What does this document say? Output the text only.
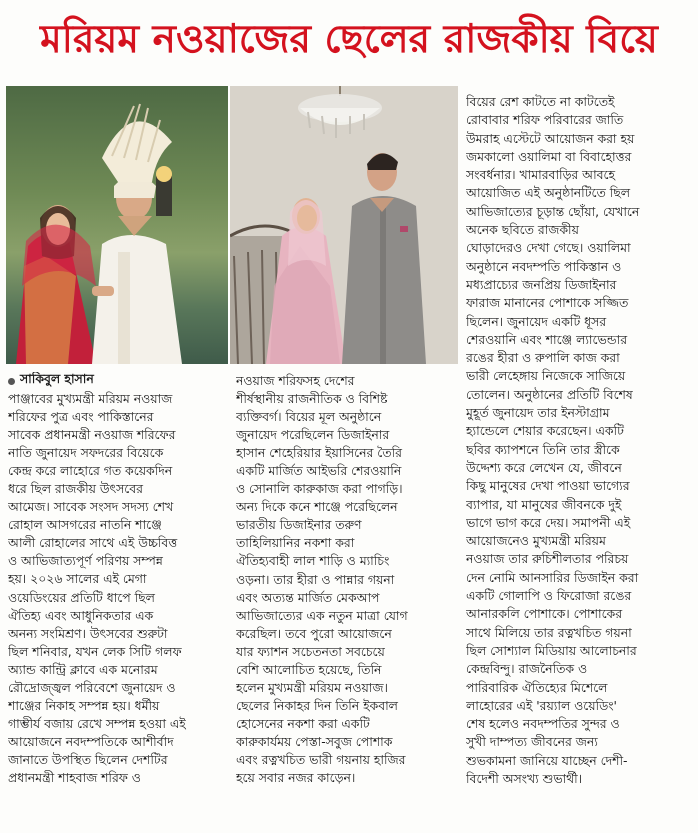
মরিয়ম নওয়াজের ছেলের রাজকীয় বিয়ে
সাকিবুল হাসান

পাঞ্জাবের মুখ্যমন্ত্রী মরিয়ম নওয়াজ

শরিফের পুত্র এবং পাকিস্তানের

সাবেক প্রধানমন্ত্রী নওয়াজ শরিফের

নাতি জুনায়েদ সফদরের বিয়েকে

কেন্দ্র করে লাহোরে গত কয়েকদিন

ধরে ছিল রাজকীয় উৎসবের

আমেজ। সাবেক সংসদ সদস্য শেখ

রোহাল আসগরের নাতনি শাঞ্জে

আলী রোহালের সাথে এই উচ্চবিত্ত

ও আভিজাত্যপূর্ণ পরিণয় সম্পন্ন

হয়। ২০২৬ সালের এই মেগা

ওয়েডিংয়ের প্রতিটি ধাপে ছিল

ঐতিহ্য এবং আধুনিকতার এক

অনন্য সংমিশ্রণ। উৎসবের শুরুটা

ছিল শনিবার, যখন লেক সিটি গলফ

অ্যান্ড কান্ট্রি ক্লাবে এক মনোরম

রৌদ্রোজ্জ্বল পরিবেশে জুনায়েদ ও

শাঞ্জের নিকাহ সম্পন্ন হয়। ধর্মীয়

গাম্ভীর্য বজায় রেখে সম্পন্ন হওয়া এই

আয়োজনে নবদম্পতিকে আশীর্বাদ

জানাতে উপস্থিত ছিলেন দেশটির

প্রধানমন্ত্রী শাহবাজ শরিফ ও

নওয়াজ শরিফসহ দেশের

শীর্ষস্থানীয় রাজনীতিক ও বিশিষ্ট

ব্যক্তিবর্গ। বিয়ের মূল অনুষ্ঠানে

জুনায়েদ পরেছিলেন ডিজাইনার

হাসান শেহেরিয়ার ইয়াসিনের তৈরি

একটি মার্জিত আইভরি শেরওয়ানি

ও সোনালি কারুকাজ করা পাগড়ি।

অন্য দিকে কনে শাঞ্জে পরেছিলেন

ভারতীয় ডিজাইনার তরুণ

তাহিলিয়ানির নকশা করা

ঐতিহ্যবাহী লাল শাড়ি ও ম্যাচিং

ওড়না। তার হীরা ও পান্নার গয়না

এবং অত্যন্ত মার্জিত মেকআপ

আভিজাত্যের এক নতুন মাত্রা যোগ

করেছিল। তবে পুরো আয়োজনে

যার ফ্যাশন সচেতনতা সবচেয়ে

বেশি আলোচিত হয়েছে, তিনি

হলেন মুখ্যমন্ত্রী মরিয়ম নওয়াজ।

ছেলের নিকাহর দিন তিনি ইকবাল

হোসেনের নকশা করা একটি

কারুকার্যময় পেস্তা-সবুজ পোশাক

এবং রত্নখচিত ভারী গয়নায় হাজির

হয়ে সবার নজর কাড়েন।

বিয়ের রেশ কাটতে না কাটতেই

রোবাবার শরিফ পরিবারের জাতি

উমরাহ এস্টেটে আয়োজন করা হয়

জমকালো ওয়ালিমা বা বিবাহোত্তর

সংবর্ধনার। খামারবাড়ির আবহে

আয়োজিত এই অনুষ্ঠানটিতে ছিল

আভিজাত্যের চূড়ান্ত ছোঁয়া, যেখানে

অনেক ছবিতে রাজকীয়

ঘোড়াদেরও দেখা গেছে। ওয়ালিমা

অনুষ্ঠানে নবদম্পতি পাকিস্তান ও

মধ্যপ্রাচ্যের জনপ্রিয় ডিজাইনার

ফারাজ মানানের পোশাকে সজ্জিত

ছিলেন। জুনায়েদ একটি ধূসর

শেরওয়ানি এবং শাঞ্জে ল্যাভেন্ডার

রঙের হীরা ও রুপালি কাজ করা

ভারী লেহেঙ্গায় নিজেকে সাজিয়ে

তোলেন। অনুষ্ঠানের প্রতিটি বিশেষ

মুহূর্ত জুনায়েদ তার ইনস্টাগ্রাম

হ্যান্ডেলে শেয়ার করেছেন। একটি

ছবির ক্যাপশনে তিনি তার স্ত্রীকে

উদ্দেশ্য করে লেখেন যে, জীবনে

কিছু মানুষের দেখা পাওয়া ভাগ্যের

ব্যাপার, যা মানুষের জীবনকে দুই

ভাগে ভাগ করে দেয়। সমাপনী এই

আয়োজনেও মুখ্যমন্ত্রী মরিয়ম

নওয়াজ তার রুচিশীলতার পরিচয়

দেন নোমি আনসারির ডিজাইন করা

একটি গোলাপি ও ফিরোজা রঙের

আনারকলি পোশাকে। পোশাকের

সাথে মিলিয়ে তার রত্নখচিত গয়না

ছিল সোশ্যাল মিডিয়ায় আলোচনার

কেন্দ্রবিন্দু। রাজনৈতিক ও

পারিবারিক ঐতিহ্যের মিশেলে

লাহোরের এই 'রয়্যাল ওয়েডিং'

শেষ হলেও নবদম্পতির সুন্দর ও

সুখী দাম্পত্য জীবনের জন্য

শুভকামনা জানিয়ে যাচ্ছেন দেশী-

বিদেশী অসংখ্য শুভার্থী।
